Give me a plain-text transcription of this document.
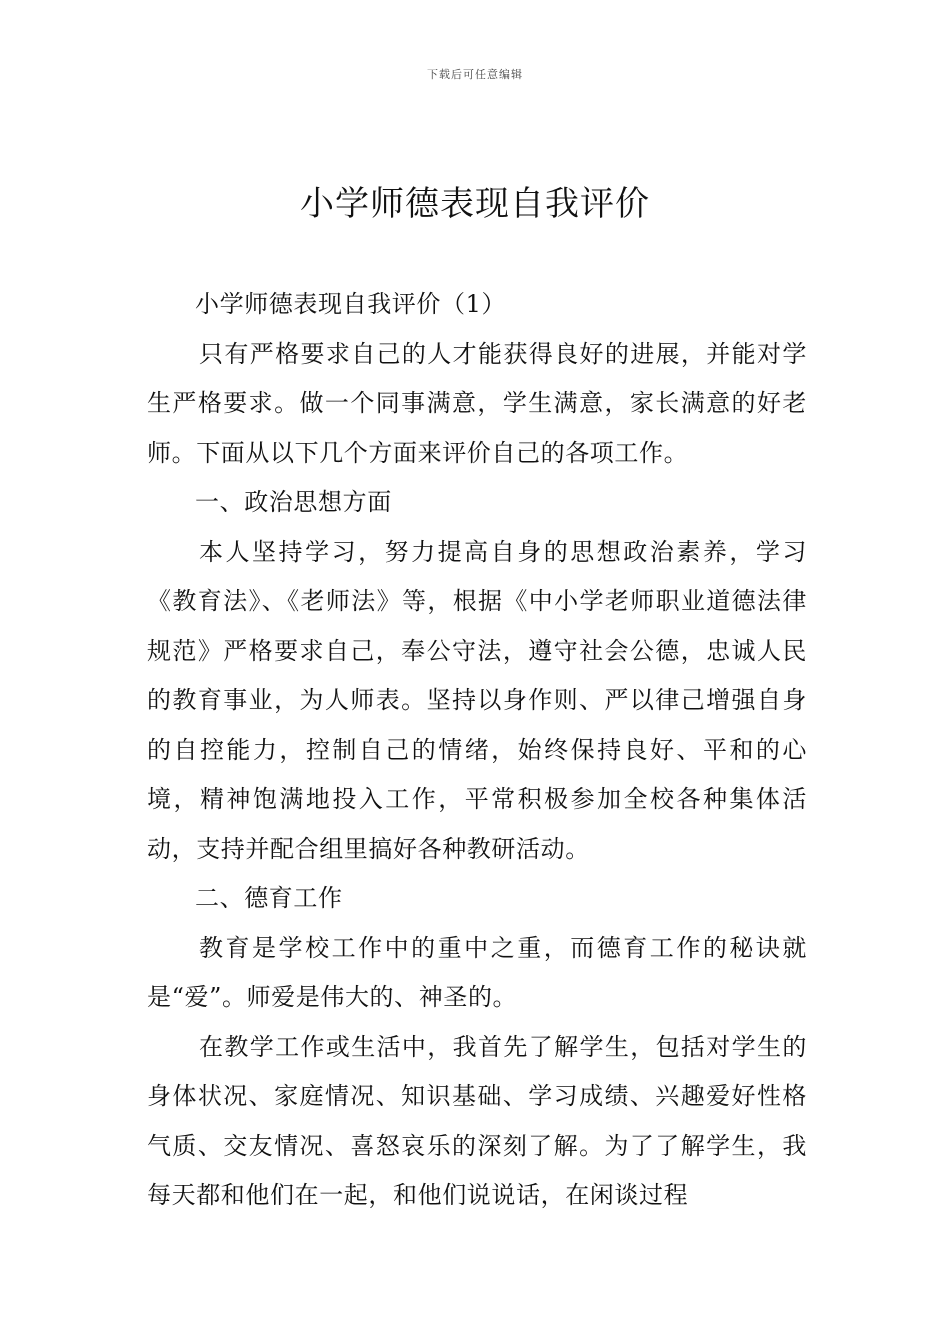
下载后可任意编辑
小学师德表现自我评价

小学师德表现自我评价（1）

只有严格要求自己的人才能获得良好的进展，并能对学生严格要求。做一个同事满意，学生满意，家长满意的好老师。下面从以下几个方面来评价自己的各项工作。

一、政治思想方面

本人坚持学习，努力提高自身的思想政治素养，学习《教育法》、《老师法》等，根据《中小学老师职业道德法律规范》严格要求自己，奉公守法，遵守社会公德，忠诚人民的教育事业，为人师表。坚持以身作则、严以律己增强自身的自控能力，控制自己的情绪，始终保持良好、平和的心境，精神饱满地投入工作，平常积极参加全校各种集体活动，支持并配合组里搞好各种教研活动。

二、德育工作

教育是学校工作中的重中之重，而德育工作的秘诀就是“爱”。师爱是伟大的、神圣的。

在教学工作或生活中，我首先了解学生，包括对学生的身体状况、家庭情况、知识基础、学习成绩、兴趣爱好性格气质、交友情况、喜怒哀乐的深刻了解。为了了解学生，我每天都和他们在一起，和他们说说话，在闲谈过程
